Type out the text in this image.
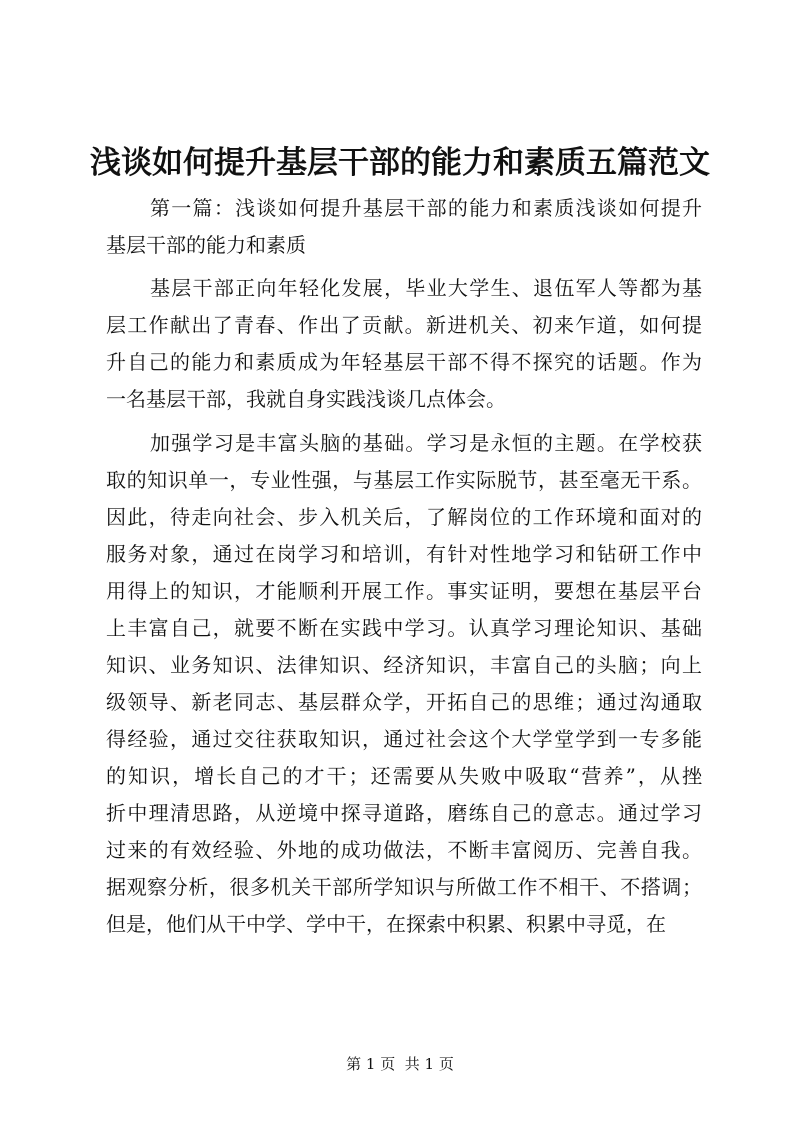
浅谈如何提升基层干部的能力和素质五篇范文
第一篇：浅谈如何提升基层干部的能力和素质浅谈如何提升
基层干部的能力和素质
基层干部正向年轻化发展，毕业大学生、退伍军人等都为基
层工作献出了青春、作出了贡献。新进机关、初来乍道，如何提
升自己的能力和素质成为年轻基层干部不得不探究的话题。作为
一名基层干部，我就自身实践浅谈几点体会。
加强学习是丰富头脑的基础。学习是永恒的主题。在学校获
取的知识单一，专业性强，与基层工作实际脱节，甚至毫无干系。
因此，待走向社会、步入机关后，了解岗位的工作环境和面对的
服务对象，通过在岗学习和培训，有针对性地学习和钻研工作中
用得上的知识，才能顺利开展工作。事实证明，要想在基层平台
上丰富自己，就要不断在实践中学习。认真学习理论知识、基础
知识、业务知识、法律知识、经济知识，丰富自己的头脑；向上
级领导、新老同志、基层群众学，开拓自己的思维；通过沟通取
得经验，通过交往获取知识，通过社会这个大学堂学到一专多能
的知识，增长自己的才干；还需要从失败中吸取“营养”，从挫
折中理清思路，从逆境中探寻道路，磨练自己的意志。通过学习
过来的有效经验、外地的成功做法，不断丰富阅历、完善自我。
据观察分析，很多机关干部所学知识与所做工作不相干、不搭调；
但是，他们从干中学、学中干，在探索中积累、积累中寻觅，在
第 1 页  共 1 页
